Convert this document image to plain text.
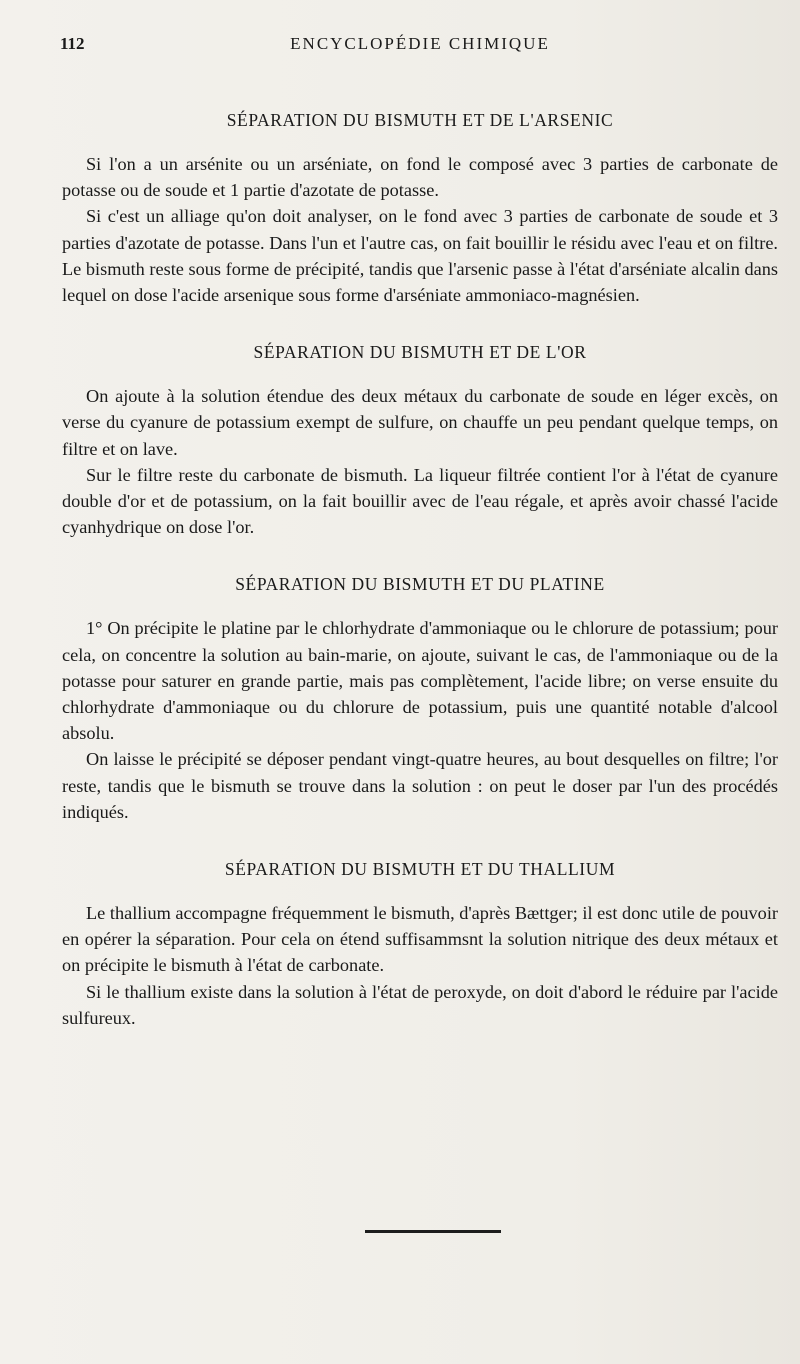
112	ENCYCLOPÉDIE CHIMIQUE
SÉPARATION DU BISMUTH ET DE L'ARSENIC

Si l'on a un arsénite ou un arséniate, on fond le composé avec 3 parties de carbonate de potasse ou de soude et 1 partie d'azotate de potasse.

Si c'est un alliage qu'on doit analyser, on le fond avec 3 parties de carbonate de soude et 3 parties d'azotate de potasse. Dans l'un et l'autre cas, on fait bouillir le résidu avec l'eau et on filtre. Le bismuth reste sous forme de précipité, tandis que l'arsenic passe à l'état d'arséniate alcalin dans lequel on dose l'acide arsenique sous forme d'arséniate ammoniaco-magnésien.

SÉPARATION DU BISMUTH ET DE L'OR

On ajoute à la solution étendue des deux métaux du carbonate de soude en léger excès, on verse du cyanure de potassium exempt de sulfure, on chauffe un peu pendant quelque temps, on filtre et on lave.

Sur le filtre reste du carbonate de bismuth. La liqueur filtrée contient l'or à l'état de cyanure double d'or et de potassium, on la fait bouillir avec de l'eau régale, et après avoir chassé l'acide cyanhydrique on dose l'or.

SÉPARATION DU BISMUTH ET DU PLATINE

1° On précipite le platine par le chlorhydrate d'ammoniaque ou le chlorure de potassium; pour cela, on concentre la solution au bain-marie, on ajoute, suivant le cas, de l'ammoniaque ou de la potasse pour saturer en grande partie, mais pas complètement, l'acide libre; on verse ensuite du chlorhydrate d'ammoniaque ou du chlorure de potassium, puis une quantité notable d'alcool absolu.

On laisse le précipité se déposer pendant vingt-quatre heures, au bout desquelles on filtre; l'or reste, tandis que le bismuth se trouve dans la solution : on peut le doser par l'un des procédés indiqués.

SÉPARATION DU BISMUTH ET DU THALLIUM

Le thallium accompagne fréquemment le bismuth, d'après Bættger; il est donc utile de pouvoir en opérer la séparation. Pour cela on étend suffisammsnt la solution nitrique des deux métaux et on précipite le bismuth à l'état de carbonate.

Si le thallium existe dans la solution à l'état de peroxyde, on doit d'abord le réduire par l'acide sulfureux.
